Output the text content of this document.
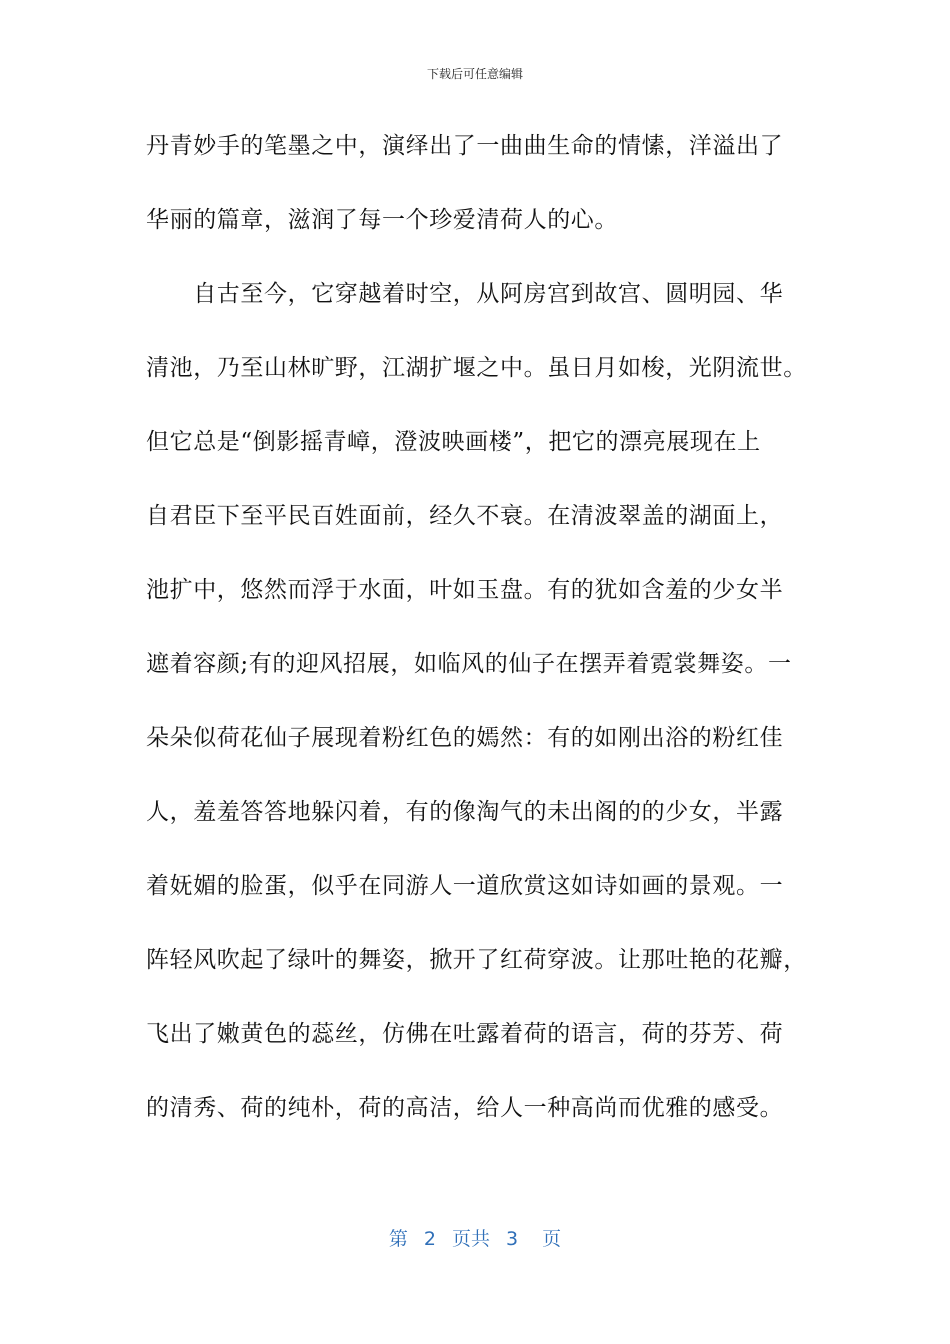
下载后可任意编辑
丹青妙手的笔墨之中，演绎出了一曲曲生命的情愫，洋溢出了
华丽的篇章，滋润了每一个珍爱清荷人的心。
　　自古至今，它穿越着时空，从阿房宫到故宫、圆明园、华
清池，乃至山林旷野，江湖扩堰之中。虽日月如梭，光阴流世。
但它总是“倒影摇青嶂，澄波映画楼”，把它的漂亮展现在上
自君臣下至平民百姓面前，经久不衰。在清波翠盖的湖面上，
池扩中，悠然而浮于水面，叶如玉盘。有的犹如含羞的少女半
遮着容颜;有的迎风招展，如临风的仙子在摆弄着霓裳舞姿。一
朵朵似荷花仙子展现着粉红色的嫣然：有的如刚出浴的粉红佳
人，羞羞答答地躲闪着，有的像淘气的未出阁的的少女，半露
着妩媚的脸蛋，似乎在同游人一道欣赏这如诗如画的景观。一
阵轻风吹起了绿叶的舞姿，掀开了红荷穿波。让那吐艳的花瓣，
飞出了嫩黄色的蕊丝，仿佛在吐露着荷的语言，荷的芬芳、荷
的清秀、荷的纯朴，荷的高洁，给人一种高尚而优雅的感受。
第 2 页共 3 页
